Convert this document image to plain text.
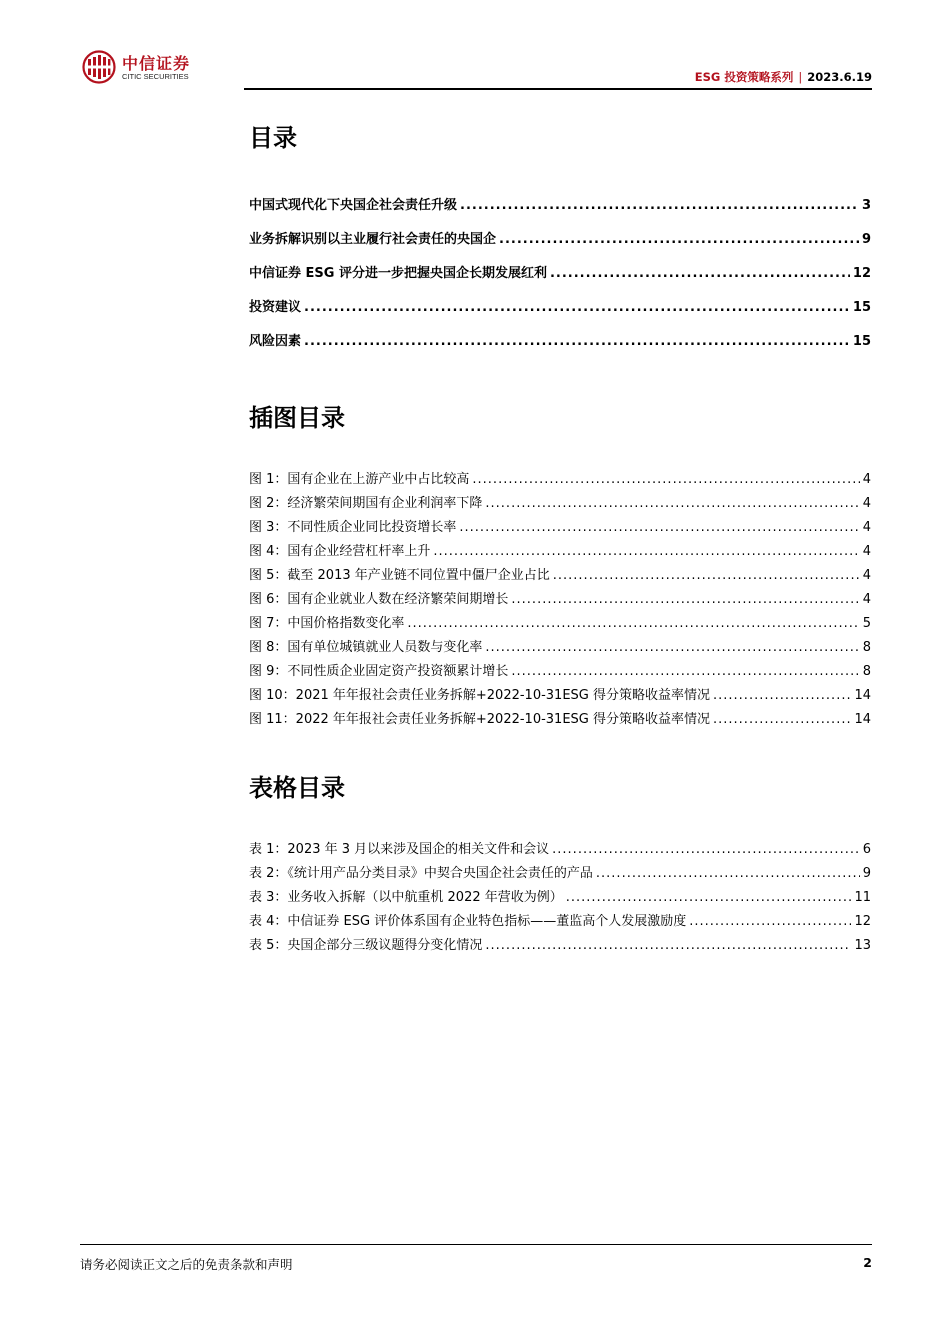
中信证券
CITIC SECURITIES	ESG 投资策略系列 | 2023.6.19
目录
中国式现代化下央国企社会责任升级 .....	3
业务拆解识别以主业履行社会责任的央国企 .....	9
中信证券 ESG 评分进一步把握央国企长期发展红利 .....	12
投资建议 .....	15
风险因素 .....	15
插图目录
图 1：国有企业在上游产业中占比较高 .....	4
图 2：经济繁荣间期国有企业利润率下降 .....	4
图 3：不同性质企业同比投资增长率 .....	4
图 4：国有企业经营杠杆率上升 .....	4
图 5：截至 2013 年产业链不同位置中僵尸企业占比 .....	4
图 6：国有企业就业人数在经济繁荣间期增长 .....	4
图 7：中国价格指数变化率 .....	5
图 8：国有单位城镇就业人员数与变化率 .....	8
图 9：不同性质企业固定资产投资额累计增长 .....	8
图 10：2021 年年报社会责任业务拆解+2022-10-31ESG 得分策略收益率情况 .....	14
图 11：2022 年年报社会责任业务拆解+2022-10-31ESG 得分策略收益率情况 .....	14
表格目录
表 1：2023 年 3 月以来涉及国企的相关文件和会议 .....	6
表 2：《统计用产品分类目录》中契合央国企社会责任的产品 .....	9
表 3：业务收入拆解（以中航重机 2022 年营收为例） .....	11
表 4：中信证券 ESG 评价体系国有企业特色指标——董监高个人发展激励度 .....	12
表 5：央国企部分三级议题得分变化情况 .....	13
请务必阅读正文之后的免责条款和声明	2
